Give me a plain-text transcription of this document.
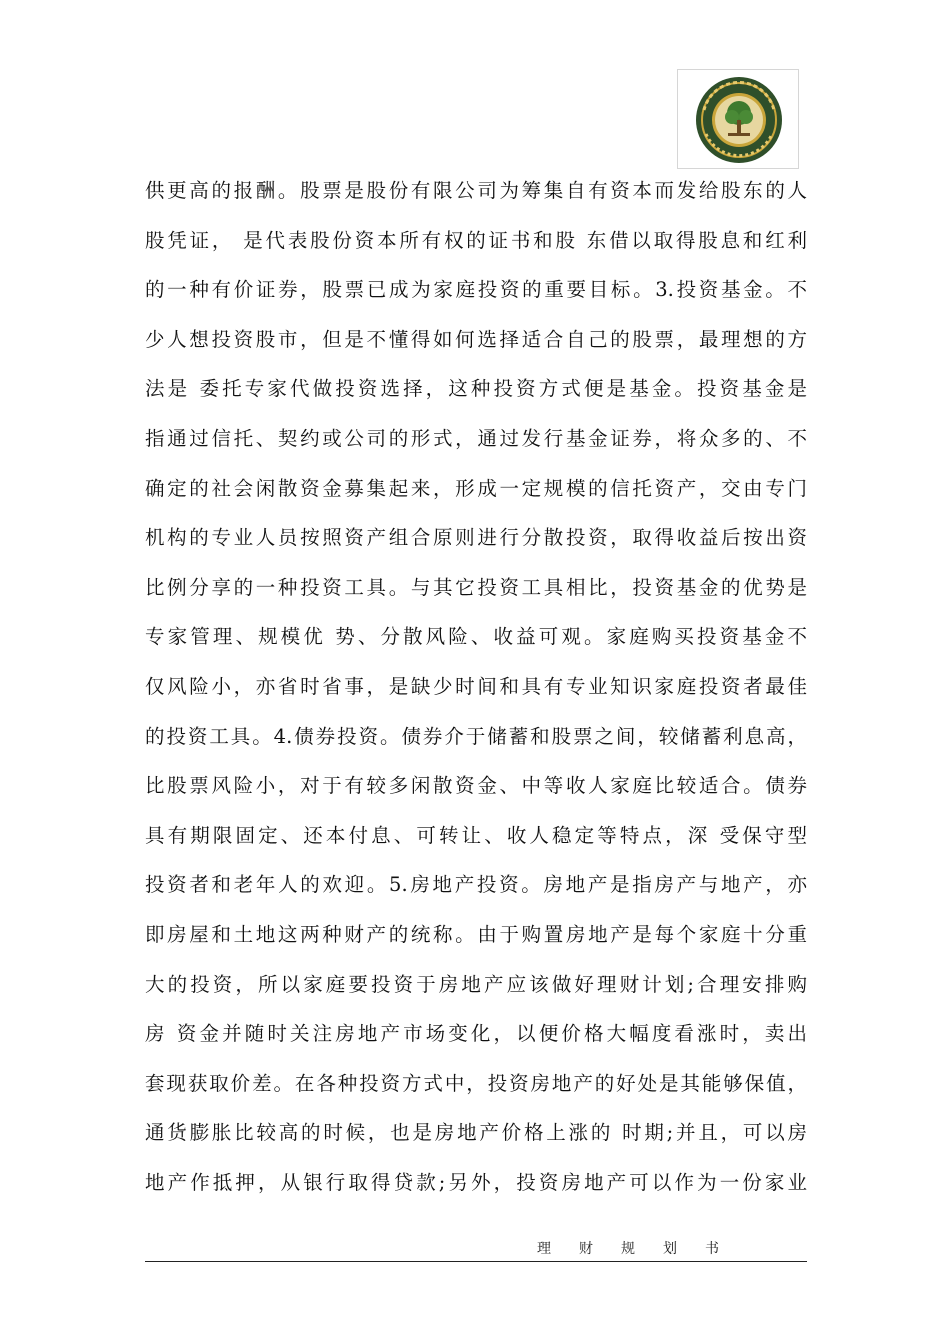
供更高的报酬。股票是股份有限公司为筹集自有资本而发给股东的人
股凭证， 是代表股份资本所有权的证书和股 东借以取得股息和红利
的一种有价证券，股票已成为家庭投资的重要目标。3.投资基金。不
少人想投资股市，但是不懂得如何选择适合自己的股票，最理想的方
法是 委托专家代做投资选择，这种投资方式便是基金。投资基金是
指通过信托、契约或公司的形式，通过发行基金证券，将众多的、不
确定的社会闲散资金募集起来，形成一定规模的信托资产，交由专门
机构的专业人员按照资产组合原则进行分散投资，取得收益后按出资
比例分享的一种投资工具。与其它投资工具相比，投资基金的优势是
专家管理、规模优 势、分散风险、收益可观。家庭购买投资基金不
仅风险小，亦省时省事，是缺少时间和具有专业知识家庭投资者最佳
的投资工具。4.债券投资。债券介于储蓄和股票之间，较储蓄利息高，
比股票风险小，对于有较多闲散资金、中等收人家庭比较适合。债券
具有期限固定、还本付息、可转让、收人稳定等特点，深 受保守型
投资者和老年人的欢迎。5.房地产投资。房地产是指房产与地产，亦
即房屋和土地这两种财产的统称。由于购置房地产是每个家庭十分重
大的投资，所以家庭要投资于房地产应该做好理财计划;合理安排购
房 资金并随时关注房地产市场变化，以便价格大幅度看涨时，卖出
套现获取价差。在各种投资方式中，投资房地产的好处是其能够保值，
通货膨胀比较高的时候，也是房地产价格上涨的 时期;并且，可以房
地产作抵押，从银行取得贷款;另外，投资房地产可以作为一份家业
理财规划书
